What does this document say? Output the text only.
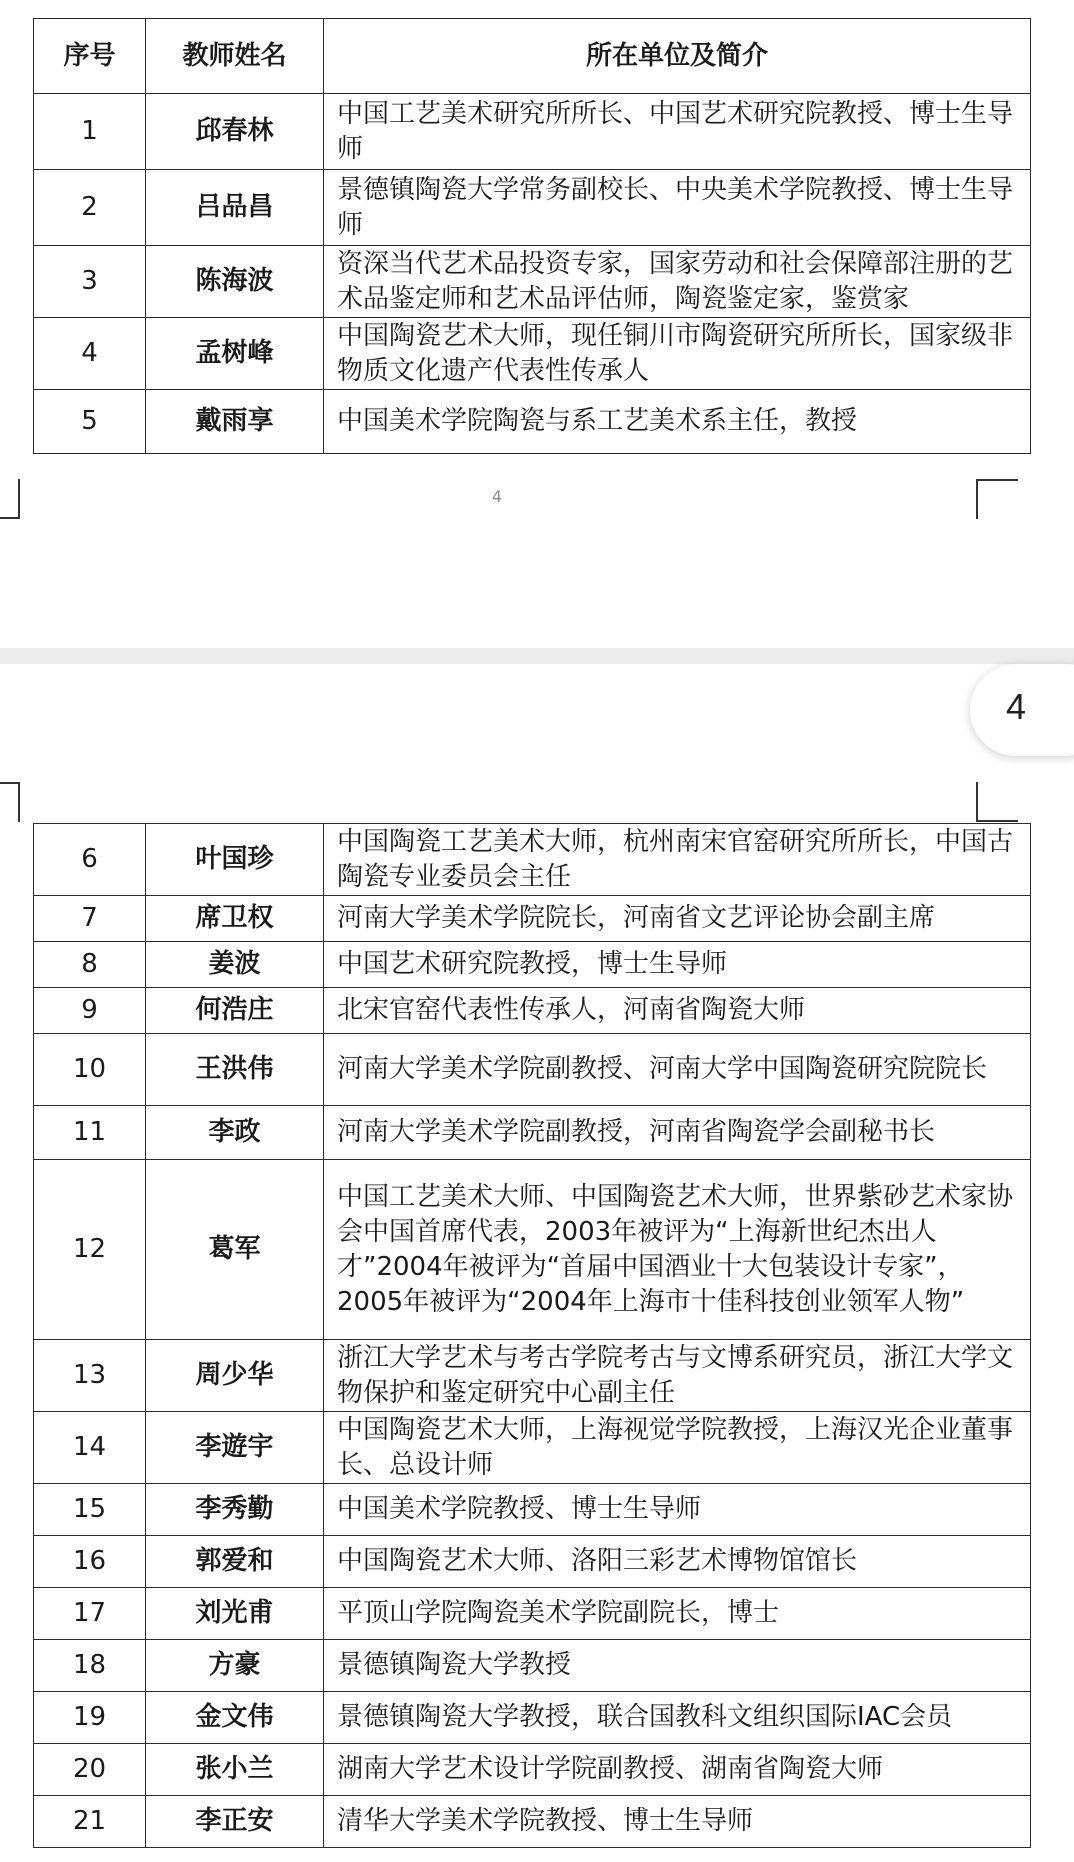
序号	教师姓名	所在单位及简介
1	邱春林	中国工艺美术研究所所长、中国艺术研究院教授、博士生导师
2	吕品昌	景德镇陶瓷大学常务副校长、中央美术学院教授、博士生导师
3	陈海波	资深当代艺术品投资专家，国家劳动和社会保障部注册的艺术品鉴定师和艺术品评估师，陶瓷鉴定家，鉴赏家
4	孟树峰	中国陶瓷艺术大师，现任铜川市陶瓷研究所所长，国家级非物质文化遗产代表性传承人
5	戴雨享	中国美术学院陶瓷与系工艺美术系主任，教授
4
6	叶国珍	中国陶瓷工艺美术大师，杭州南宋官窑研究所所长，中国古陶瓷专业委员会主任
7	席卫权	河南大学美术学院院长，河南省文艺评论协会副主席
8	姜波	中国艺术研究院教授，博士生导师
9	何浩庄	北宋官窑代表性传承人，河南省陶瓷大师
10	王洪伟	河南大学美术学院副教授、河南大学中国陶瓷研究院院长
11	李政	河南大学美术学院副教授，河南省陶瓷学会副秘书长
12	葛军	中国工艺美术大师、中国陶瓷艺术大师，世界紫砂艺术家协会中国首席代表，2003年被评为“上海新世纪杰出人才”2004年被评为“首届中国酒业十大包装设计专家”，2005年被评为“2004年上海市十佳科技创业领军人物”
13	周少华	浙江大学艺术与考古学院考古与文博系研究员，浙江大学文物保护和鉴定研究中心副主任
14	李遊宇	中国陶瓷艺术大师，上海视觉学院教授，上海汉光企业董事长、总设计师
15	李秀勤	中国美术学院教授、博士生导师
16	郭爱和	中国陶瓷艺术大师、洛阳三彩艺术博物馆馆长
17	刘光甫	平顶山学院陶瓷美术学院副院长，博士
18	方豪	景德镇陶瓷大学教授
19	金文伟	景德镇陶瓷大学教授，联合国教科文组织国际IAC会员
20	张小兰	湖南大学艺术设计学院副教授、湖南省陶瓷大师
21	李正安	清华大学美术学院教授、博士生导师
4
